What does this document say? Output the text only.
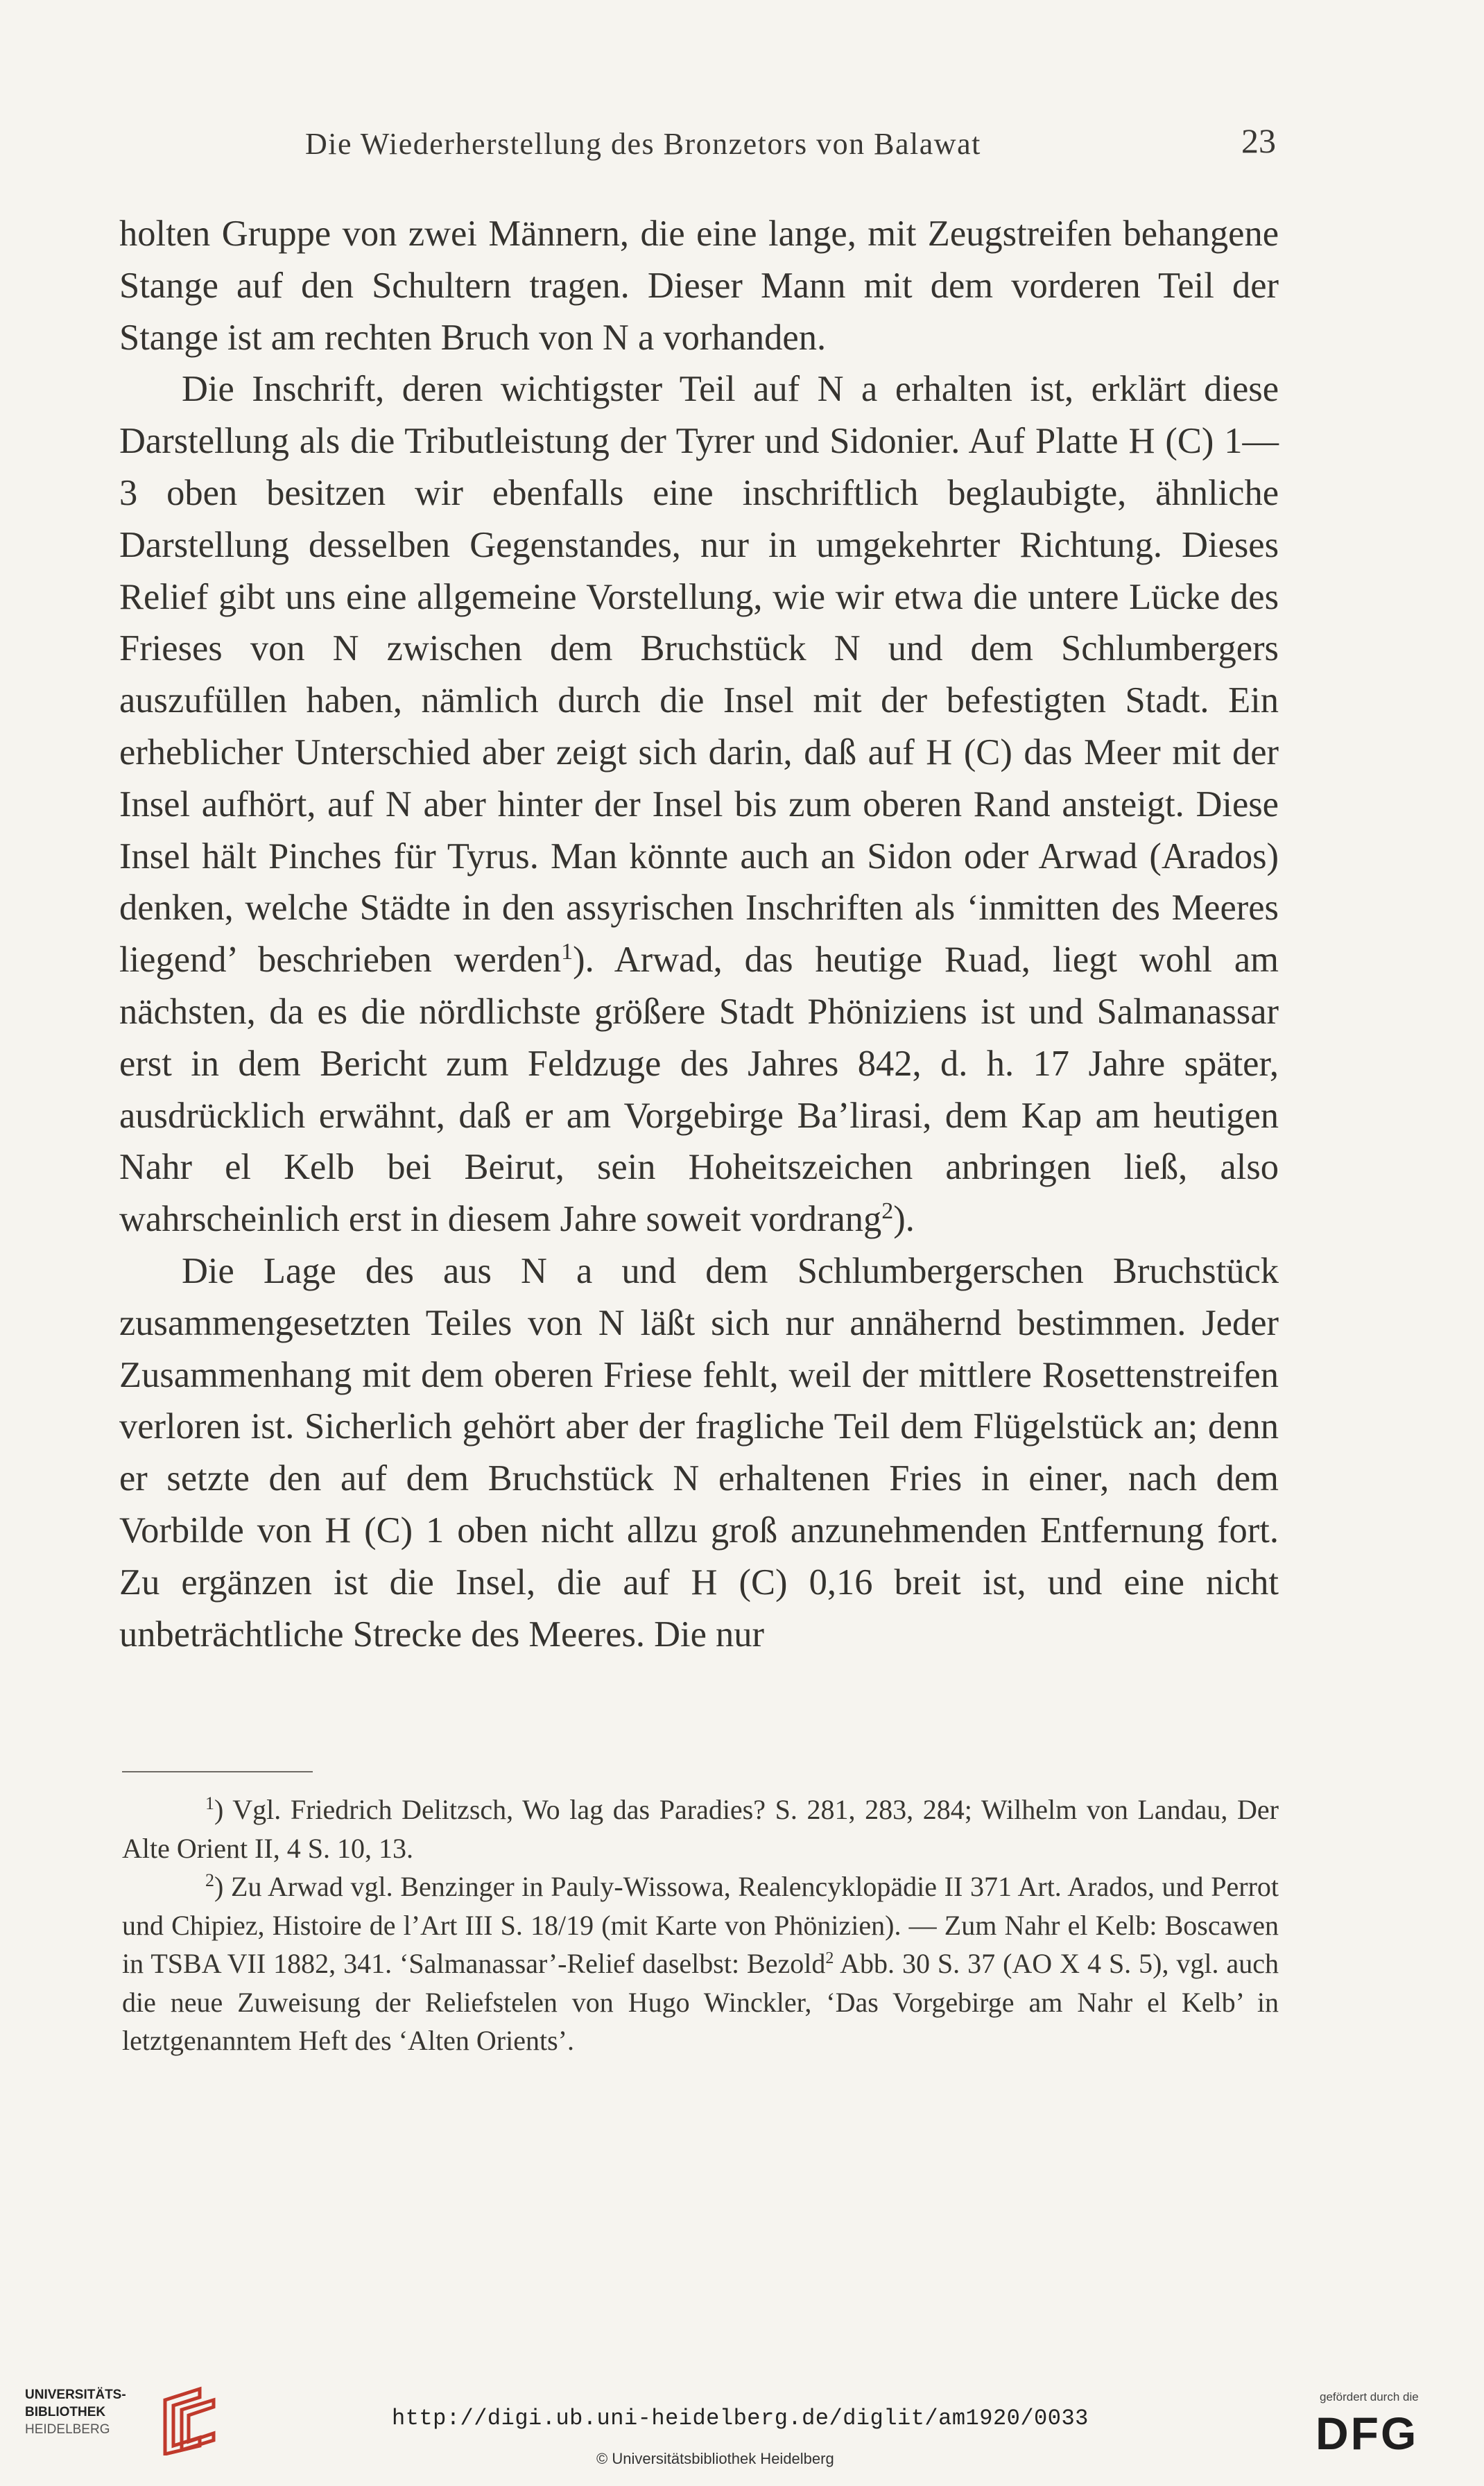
Die Wiederherstellung des Bronzetors von Balawat	23

holten Gruppe von zwei Männern, die eine lange, mit Zeugstreifen behangene Stange auf den Schultern tragen. Dieser Mann mit dem vorderen Teil der Stange ist am rechten Bruch von N a vorhanden.

Die Inschrift, deren wichtigster Teil auf N a erhalten ist, erklärt diese Darstellung als die Tributleistung der Tyrer und Sidonier. Auf Platte H (C) 1—3 oben besitzen wir ebenfalls eine inschriftlich beglaubigte, ähnliche Darstellung desselben Gegenstandes, nur in umgekehrter Richtung. Dieses Relief gibt uns eine allgemeine Vorstellung, wie wir etwa die untere Lücke des Frieses von N zwischen dem Bruchstück N und dem Schlumbergers auszufüllen haben, nämlich durch die Insel mit der befestigten Stadt. Ein erheblicher Unterschied aber zeigt sich darin, daß auf H (C) das Meer mit der Insel aufhört, auf N aber hinter der Insel bis zum oberen Rand ansteigt. Diese Insel hält Pinches für Tyrus. Man könnte auch an Sidon oder Arwad (Arados) denken, welche Städte in den assyrischen Inschriften als ‘inmitten des Meeres liegend’ beschrieben werden$^1$). Arwad, das heutige Ruad, liegt wohl am nächsten, da es die nördlichste größere Stadt Phöniziens ist und Salmanassar erst in dem Bericht zum Feldzuge des Jahres 842, d. h. 17 Jahre später, ausdrücklich erwähnt, daß er am Vorgebirge Ba’lirasi, dem Kap am heutigen Nahr el Kelb bei Beirut, sein Hoheitszeichen anbringen ließ, also wahrscheinlich erst in diesem Jahre soweit vordrang$^2$).

Die Lage des aus N a und dem Schlumbergerschen Bruchstück zusammengesetzten Teiles von N läßt sich nur annähernd bestimmen. Jeder Zusammenhang mit dem oberen Friese fehlt, weil der mittlere Rosettenstreifen verloren ist. Sicherlich gehört aber der fragliche Teil dem Flügelstück an; denn er setzte den auf dem Bruchstück N erhaltenen Fries in einer, nach dem Vorbilde von H (C) 1 oben nicht allzu groß anzunehmenden Entfernung fort. Zu ergänzen ist die Insel, die auf H (C) 0,16 breit ist, und eine nicht unbeträchtliche Strecke des Meeres. Die nur

$^1$) Vgl. Friedrich Delitzsch, Wo lag das Paradies? S. 281, 283, 284; Wilhelm von Landau, Der Alte Orient II, 4 S. 10, 13.

$^2$) Zu Arwad vgl. Benzinger in Pauly-Wissowa, Realencyklopädie II 371 Art. Arados, und Perrot und Chipiez, Histoire de l’Art III S. 18/19 (mit Karte von Phönizien). — Zum Nahr el Kelb: Boscawen in TSBA VII 1882, 341. ‘Salmanassar’-Relief daselbst: Bezold$^2$ Abb. 30 S. 37 (AO X 4 S. 5), vgl. auch die neue Zuweisung der Reliefstelen von Hugo Winckler, ‘Das Vorgebirge am Nahr el Kelb’ in letztgenanntem Heft des ‘Alten Orients’.

UNIVERSITÄTS-
BIBLIOTHEK
HEIDELBERG	http://digi.ub.uni-heidelberg.de/diglit/am1920/0033
© Universitätsbibliothek Heidelberg
gefördert durch die
DFG
